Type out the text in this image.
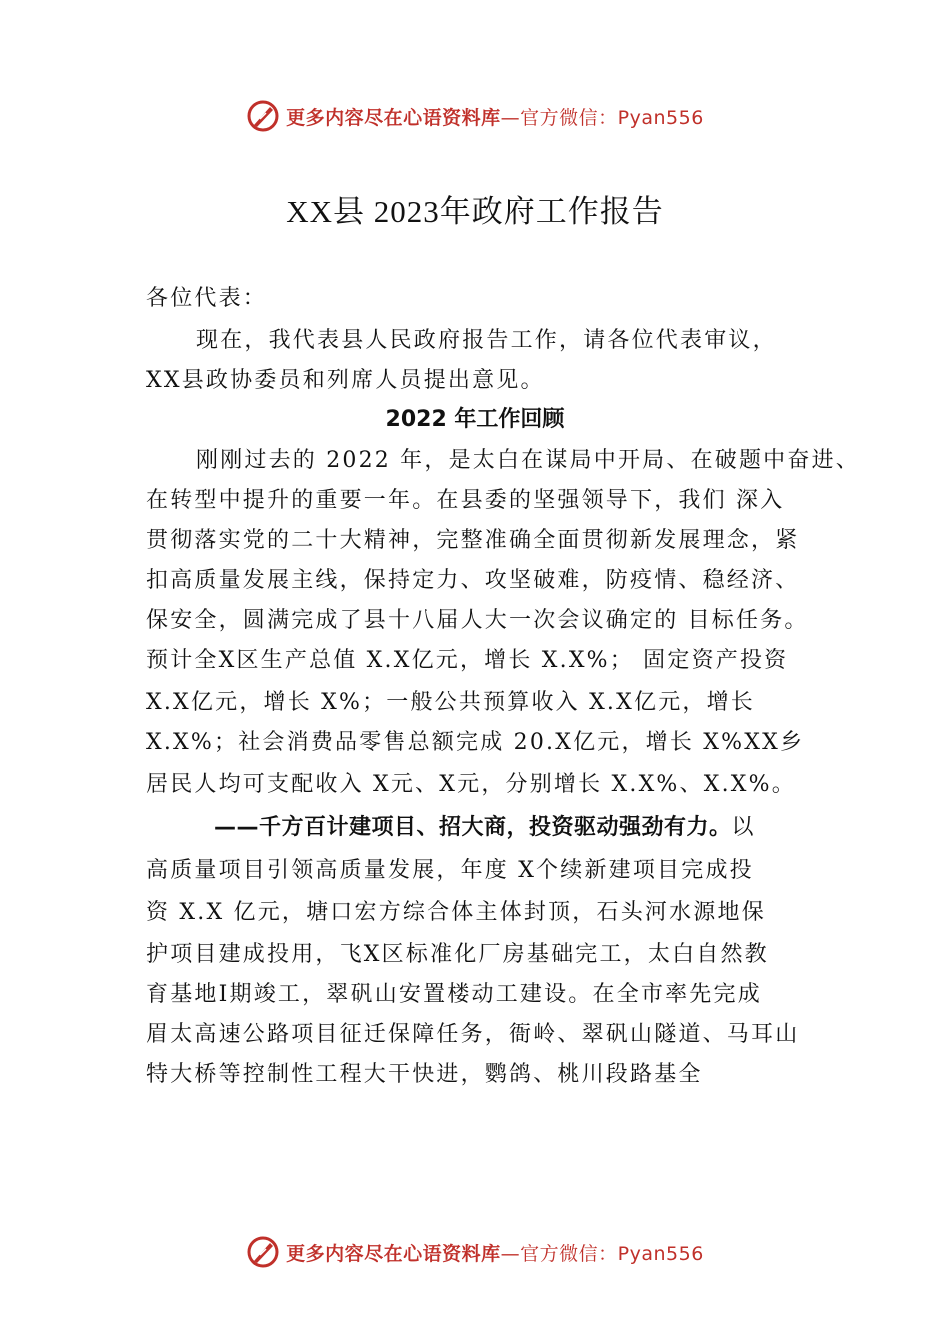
更多内容尽在心语资料库 —官方微信：Pyan556
XX县 2023年政府工作报告
各位代表：
现在，我代表县人民政府报告工作，请各位代表审议，
XX县政协委员和列席人员提出意见。
2022 年工作回顾
刚刚过去的 2022 年，是太白在谋局中开局、在破题中奋进、
在转型中提升的重要一年。在县委的坚强领导下，我们 深入
贯彻落实党的二十大精神，完整准确全面贯彻新发展理念，紧
扣高质量发展主线，保持定力、攻坚破难，防疫情、稳经济、
保安全，圆满完成了县十八届人大一次会议确定的 目标任务。
预计全X区生产总值 X.X亿元，增长 X.X%； 固定资产投资
X.X亿元，增长 X%；一般公共预算收入 X.X亿元，增长
X.X%；社会消费品零售总额完成 20.X亿元，增长 X%XX乡
居民人均可支配收入 X元、X元，分别增长 X.X%、X.X%。
——千方百计建项目、招大商，投资驱动强劲有力。以
高质量项目引领高质量发展，年度 X个续新建项目完成投
资 X.X 亿元，塘口宏方综合体主体封顶，石头河水源地保
护项目建成投用，飞X区标准化厂房基础完工，太白自然教
育基地Ⅰ期竣工，翠矾山安置楼动工建设。在全市率先完成
眉太高速公路项目征迁保障任务，衙岭、翠矾山隧道、马耳山
特大桥等控制性工程大干快进，鹦鸽、桃川段路基全
更多内容尽在心语资料库 —官方微信：Pyan556
